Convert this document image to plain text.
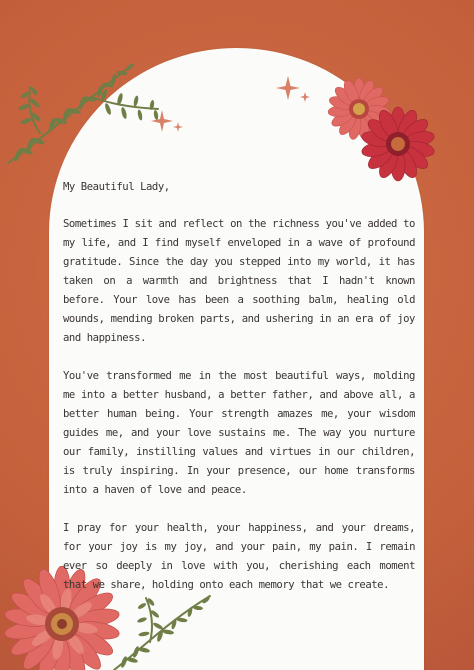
My Beautiful Lady,
Sometimes I sit and reflect on the richness you've added to my life, and I find myself enveloped in a wave of profound gratitude. Since the day you stepped into my world, it has taken on a warmth and brightness that I hadn't known before. Your love has been a soothing balm, healing old wounds, mending broken parts, and ushering in an era of joy and happiness.
You've transformed me in the most beautiful ways, molding me into a better husband, a better father, and above all, a better human being. Your strength amazes me, your wisdom guides me, and your love sustains me. The way you nurture our family, instilling values and virtues in our children, is truly inspiring. In your presence, our home transforms into a haven of love and peace.
I pray for your health, your happiness, and your dreams, for your joy is my joy, and your pain, my pain. I remain ever so deeply in love with you, cherishing each moment that we share, holding onto each memory that we create.
